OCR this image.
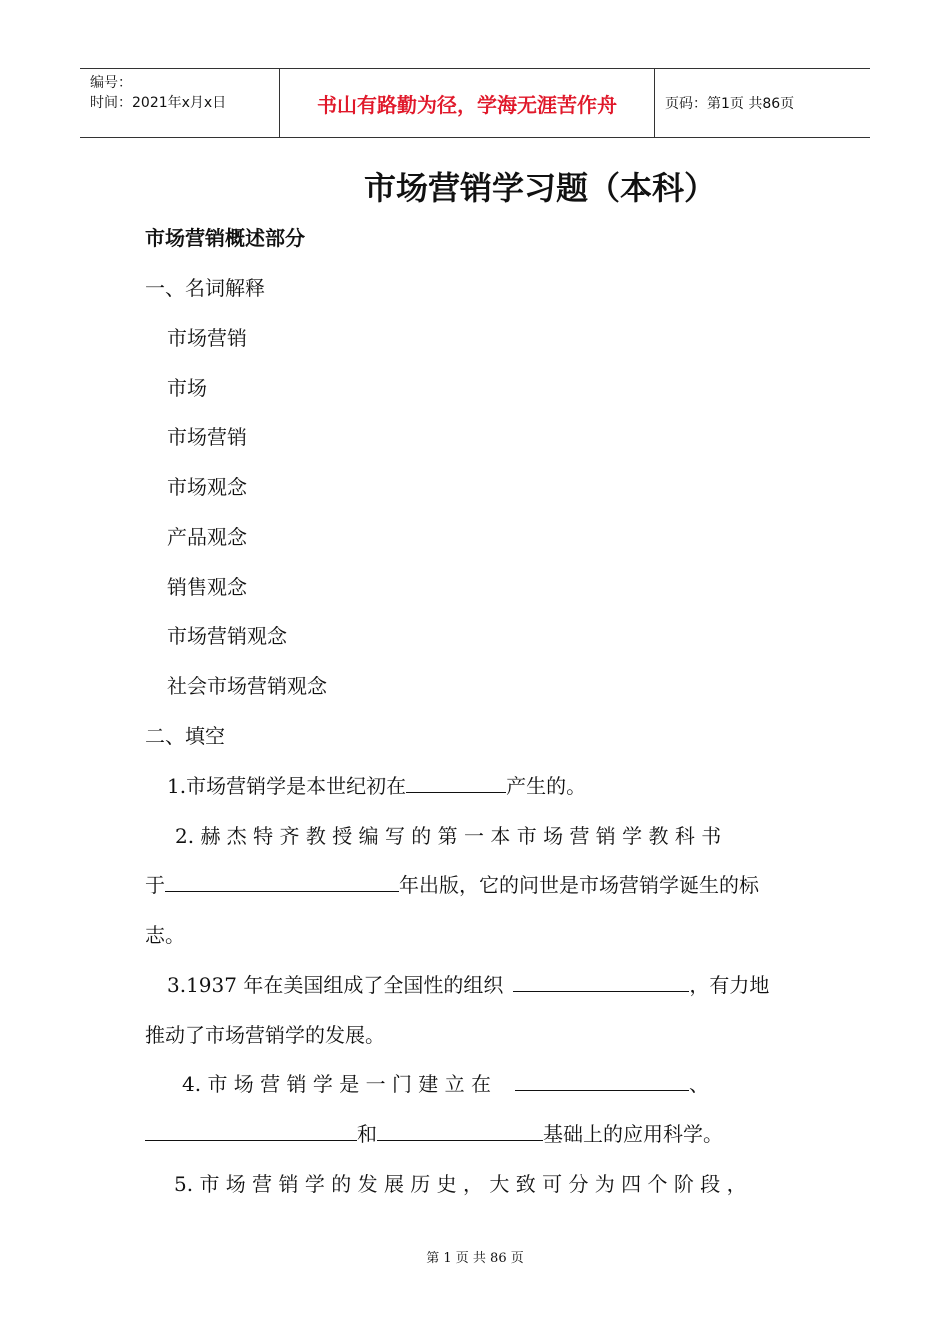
编号：
时间：2021年x月x日	书山有路勤为径，学海无涯苦作舟	页码：第1页 共86页
市场营销学习题（本科）
市场营销概述部分
一、名词解释
市场营销
市场
市场营销
市场观念
产品观念
销售观念
市场营销观念
社会市场营销观念
二、填空
1.市场营销学是本世纪初在	产生的。
2. 赫 杰 特 齐 教 授 编 写 的 第 一 本 市 场 营 销 学 教 科 书
于	年出版，它的问世是市场营销学诞生的标
志。
3.1937 年在美国组成了全国性的组织	，有力地
推动了市场营销学的发展。
4. 市 场 营 销 学 是 一 门 建 立 在	、
和	基础上的应用科学。
5. 市 场 营 销 学 的 发 展 历 史 ， 大 致 可 分 为 四 个 阶 段 ，
第 1 页 共 86 页
